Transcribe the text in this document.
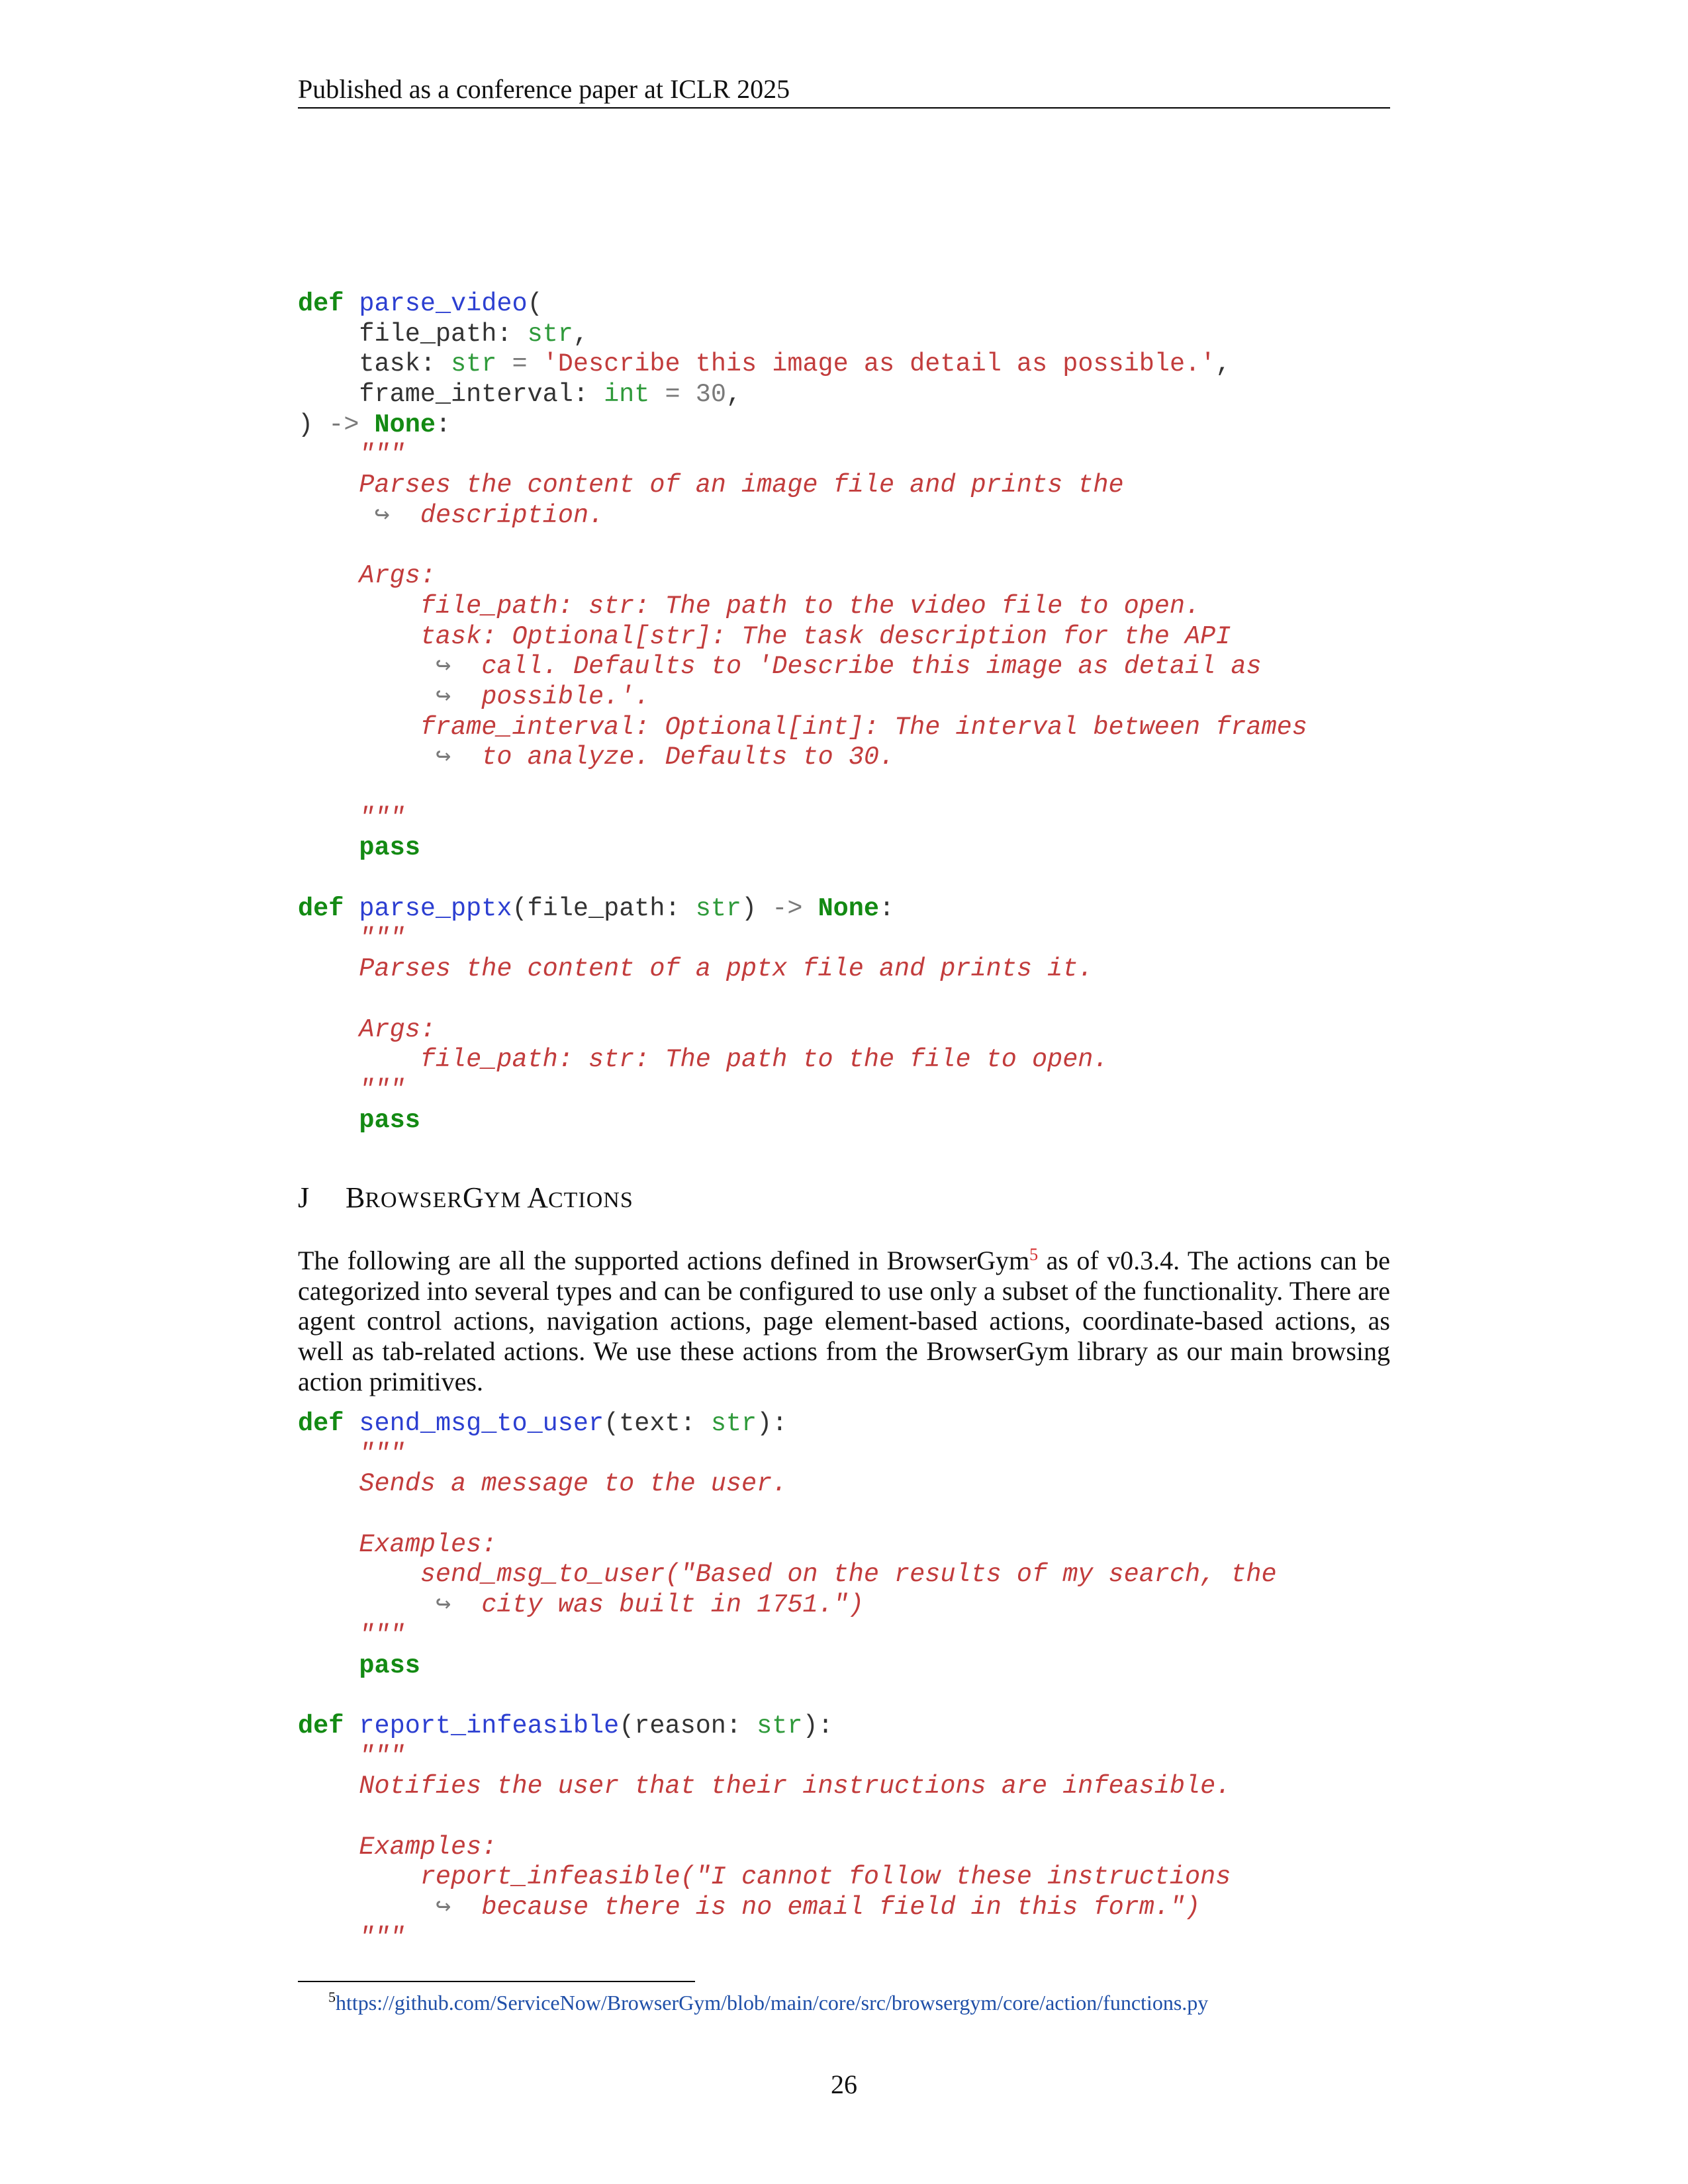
Published as a conference paper at ICLR 2025
def parse_video(
file_path: str,
task: str = 'Describe this image as detail as possible.',
frame_interval: int = 30,
) -> None:
"""
Parses the content of an image file and prints the
↪  description.
Args:
file_path: str: The path to the video file to open.
task: Optional[str]: The task description for the API
↪  call. Defaults to 'Describe this image as detail as
↪  possible.'.
frame_interval: Optional[int]: The interval between frames
↪  to analyze. Defaults to 30.
"""
pass
def parse_pptx(file_path: str) -> None:
"""
Parses the content of a pptx file and prints it.
Args:
file_path: str: The path to the file to open.
"""
pass
J BROWSERGYM ACTIONS
The following are all the supported actions defined in BrowserGym$^5$ as of v0.3.4. The actions can be categorized into several types and can be configured to use only a subset of the functionality. There are agent control actions, navigation actions, page element-based actions, coordinate-based actions, as well as tab-related actions. We use these actions from the BrowserGym library as our main browsing action primitives.
def send_msg_to_user(text: str):
"""
Sends a message to the user.
Examples:
send_msg_to_user("Based on the results of my search, the
↪  city was built in 1751.")
"""
pass
def report_infeasible(reason: str):
"""
Notifies the user that their instructions are infeasible.
Examples:
report_infeasible("I cannot follow these instructions
↪  because there is no email field in this form.")
"""
$^5$https://github.com/ServiceNow/BrowserGym/blob/main/core/src/browsergym/core/action/functions.py
26
